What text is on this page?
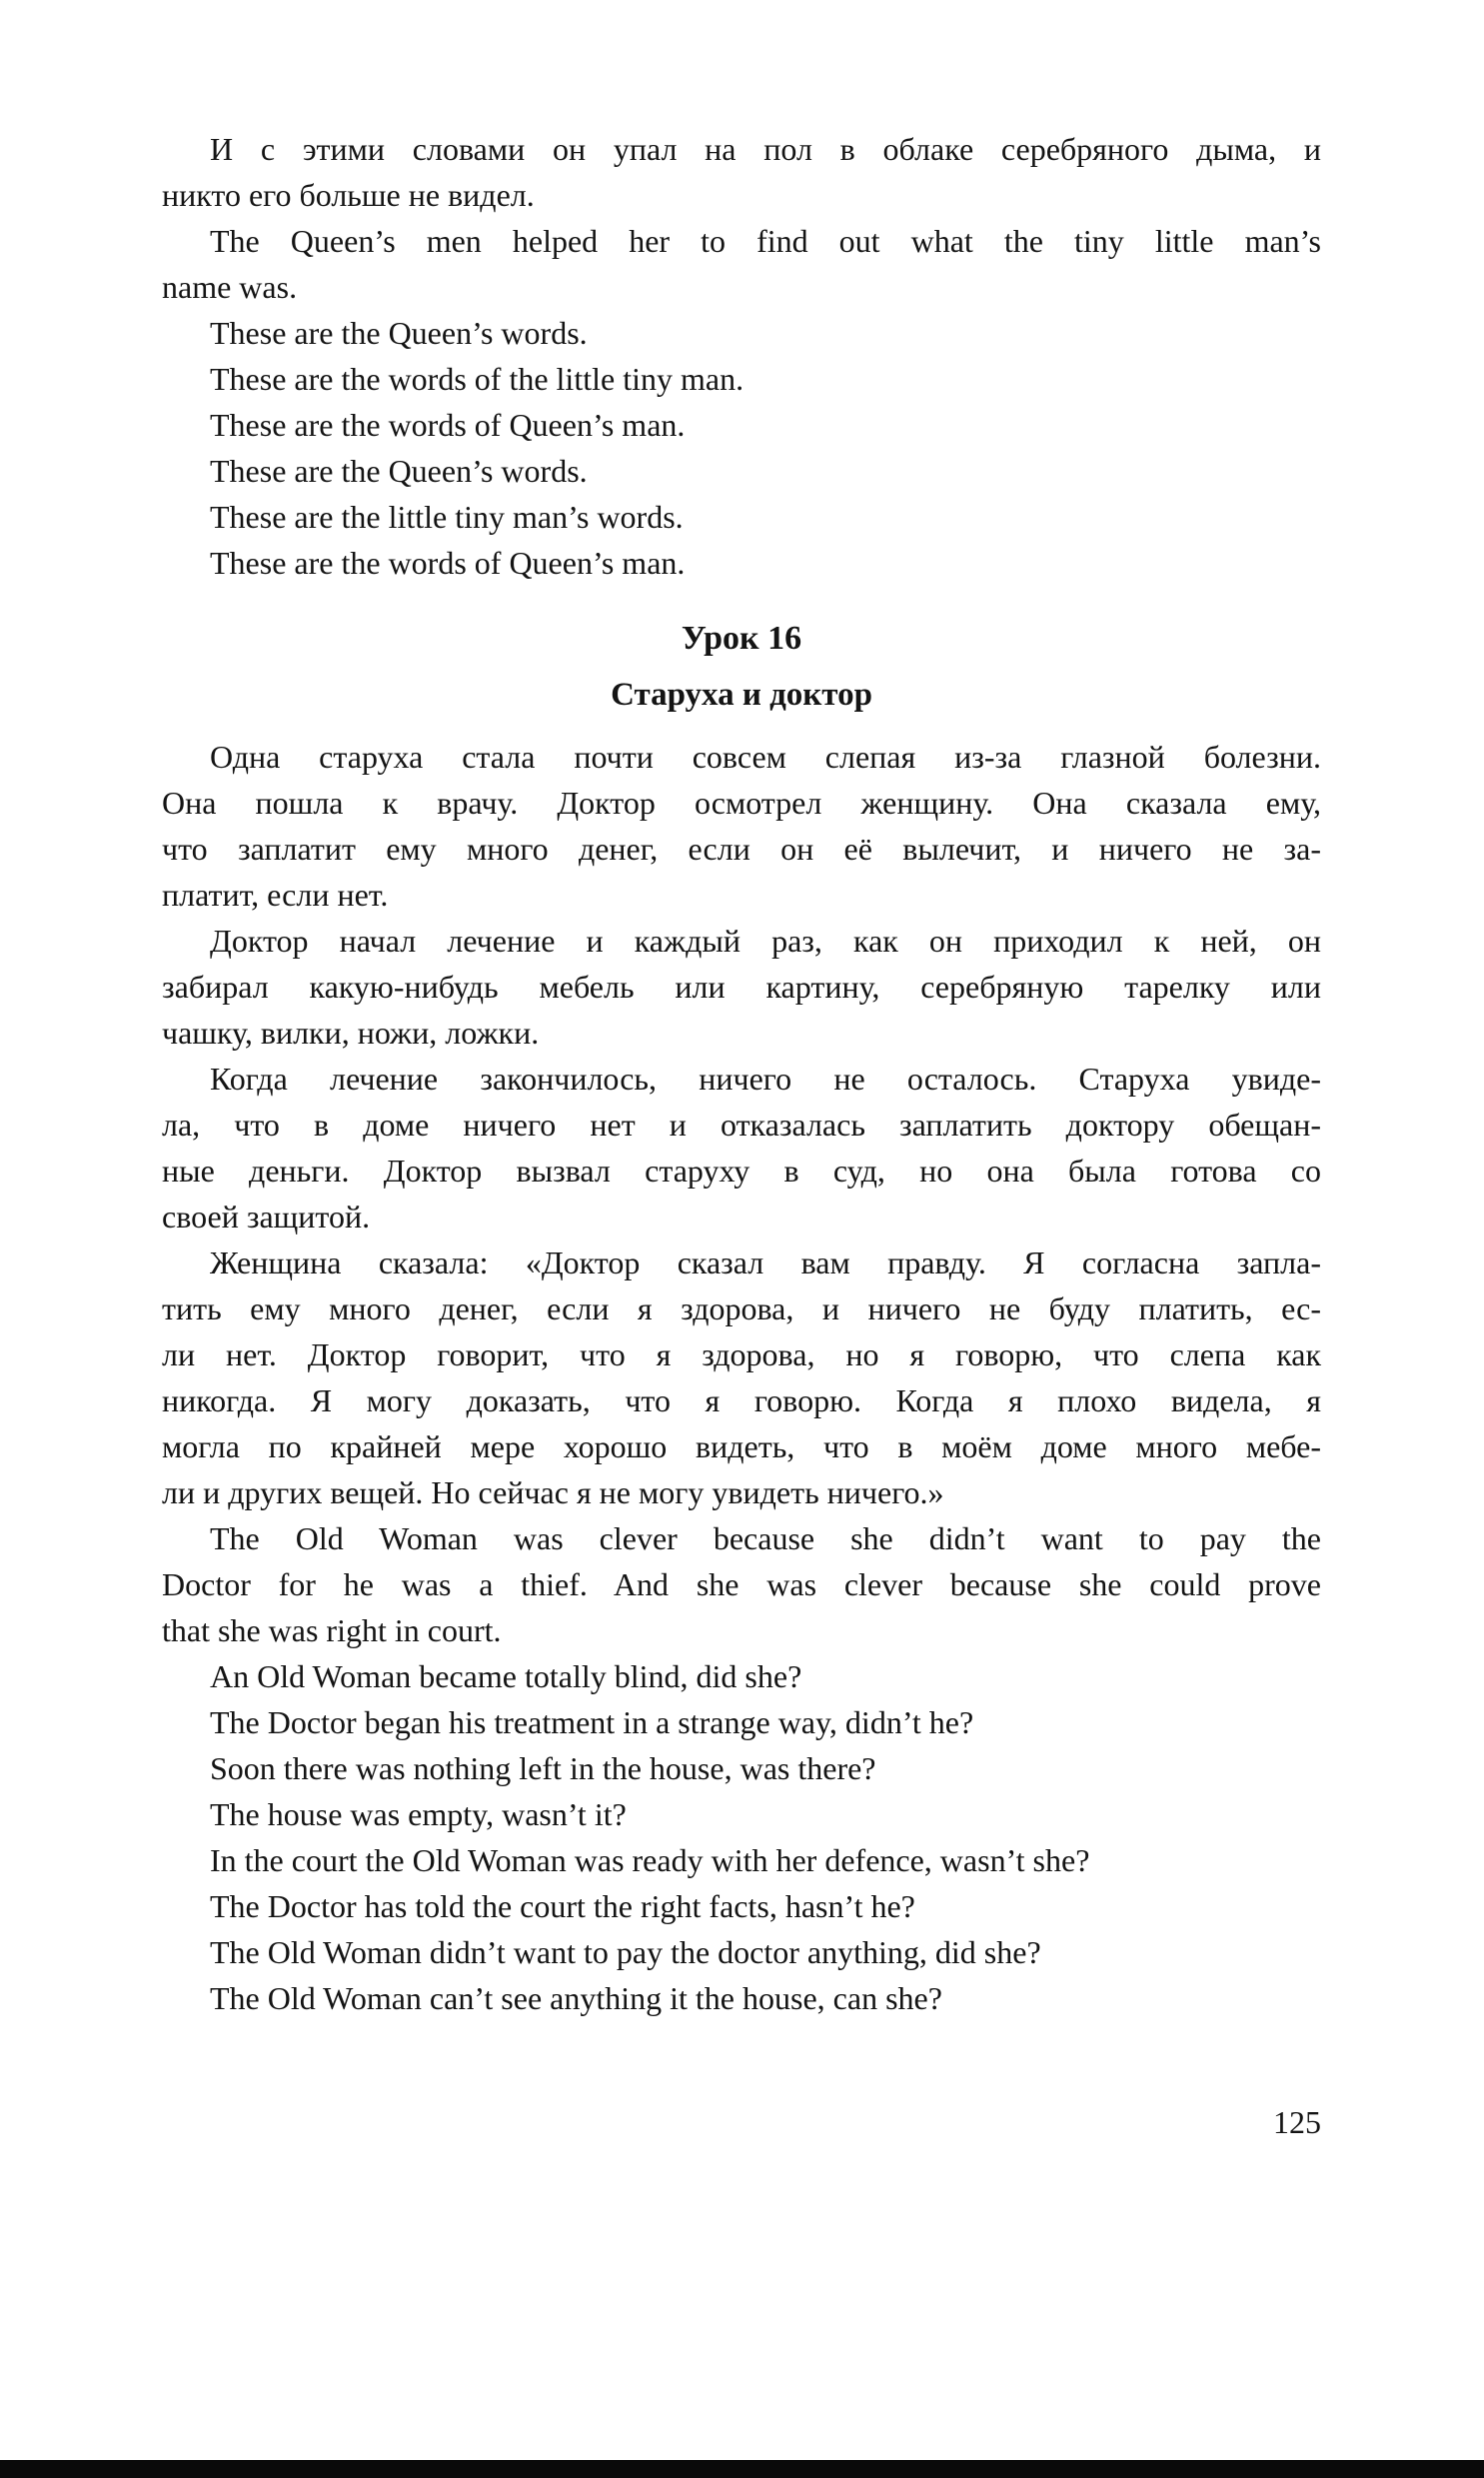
И с этими словами он упал на пол в облаке серебряного дыма, и
никто его больше не видел.
The Queen’s men helped her to find out what the tiny little man’s
name was.
These are the Queen’s words.
These are the words of the little tiny man.
These are the words of Queen’s man.
These are the Queen’s words.
These are the little tiny man’s words.
These are the words of Queen’s man.
Урок 16
Старуха и доктор
Одна старуха стала почти совсем слепая из-за глазной болезни.
Она пошла к врачу. Доктор осмотрел женщину. Она сказала ему,
что заплатит ему много денег, если он её вылечит, и ничего не за-
платит, если нет.
Доктор начал лечение и каждый раз, как он приходил к ней, он
забирал какую-нибудь мебель или картину, серебряную тарелку или
чашку, вилки, ножи, ложки.
Когда лечение закончилось, ничего не осталось. Старуха увиде-
ла, что в доме ничего нет и отказалась заплатить доктору обещан-
ные деньги. Доктор вызвал старуху в суд, но она была готова со
своей защитой.
Женщина сказала: «Доктор сказал вам правду. Я согласна запла-
тить ему много денег, если я здорова, и ничего не буду платить, ес-
ли нет. Доктор говорит, что я здорова, но я говорю, что слепа как
никогда. Я могу доказать, что я говорю. Когда я плохо видела, я
могла по крайней мере хорошо видеть, что в моём доме много мебе-
ли и других вещей. Но сейчас я не могу увидеть ничего.»
The Old Woman was clever because she didn’t want to pay the
Doctor for he was a thief. And she was clever because she could prove
that she was right in court.
An Old Woman became totally blind, did she?
The Doctor began his treatment in a strange way, didn’t he?
Soon there was nothing left in the house, was there?
The house was empty, wasn’t it?
In the court the Old Woman was ready with her defence, wasn’t she?
The Doctor has told the court the right facts, hasn’t he?
The Old Woman didn’t want to pay the doctor anything, did she?
The Old Woman can’t see anything it the house, can she?
125
